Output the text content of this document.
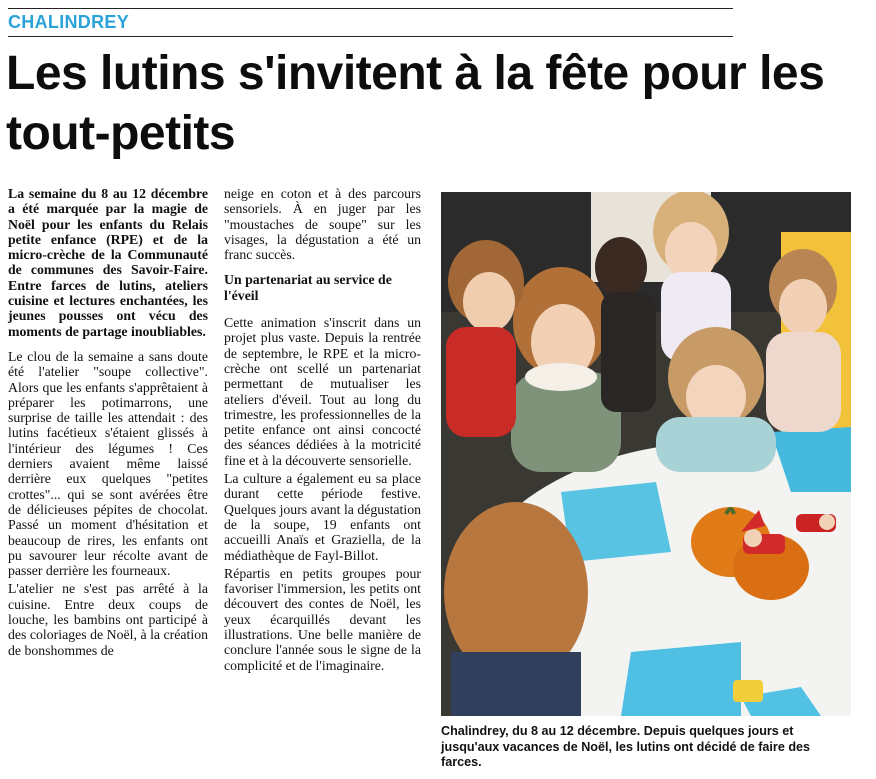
CHALINDREY
Les lutins s'invitent à la fête pour les tout-petits

La semaine du 8 au 12 décembre a été marquée par la magie de Noël pour les enfants du Relais petite enfance (RPE) et de la micro-crèche de la Communauté de communes des Savoir-Faire. Entre farces de lutins, ateliers cuisine et lectures enchantées, les jeunes pousses ont vécu des moments de partage inoubliables.

Le clou de la semaine a sans doute été l'atelier "soupe collective". Alors que les enfants s'apprêtaient à préparer les potimarrons, une surprise de taille les attendait : des lutins facétieux s'étaient glissés à l'intérieur des légumes ! Ces derniers avaient même laissé derrière eux quelques "petites crottes"... qui se sont avérées être de délicieuses pépites de chocolat. Passé un moment d'hésitation et beaucoup de rires, les enfants ont pu savourer leur récolte avant de passer derrière les fourneaux.

L'atelier ne s'est pas arrêté à la cuisine. Entre deux coups de louche, les bambins ont participé à des coloriages de Noël, à la création de bonshommes de

neige en coton et à des parcours sensoriels. À en juger par les "moustaches de soupe" sur les visages, la dégustation a été un franc succès.

Un partenariat au service de l'éveil

Cette animation s'inscrit dans un projet plus vaste. Depuis la rentrée de septembre, le RPE et la micro-crèche ont scellé un partenariat permettant de mutualiser les ateliers d'éveil. Tout au long du trimestre, les professionnelles de la petite enfance ont ainsi concocté des séances dédiées à la motricité fine et à la découverte sensorielle.

La culture a également eu sa place durant cette période festive. Quelques jours avant la dégustation de la soupe, 19 enfants ont accueilli Anaïs et Graziella, de la médiathèque de Fayl-Billot.

Répartis en petits groupes pour favoriser l'immersion, les petits ont découvert des contes de Noël, les yeux écarquillés devant les illustrations. Une belle manière de conclure l'année sous le signe de la complicité et de l'imaginaire.

Chalindrey, du 8 au 12 décembre. Depuis quelques jours et jusqu'aux vacances de Noël, les lutins ont décidé de faire des farces.
